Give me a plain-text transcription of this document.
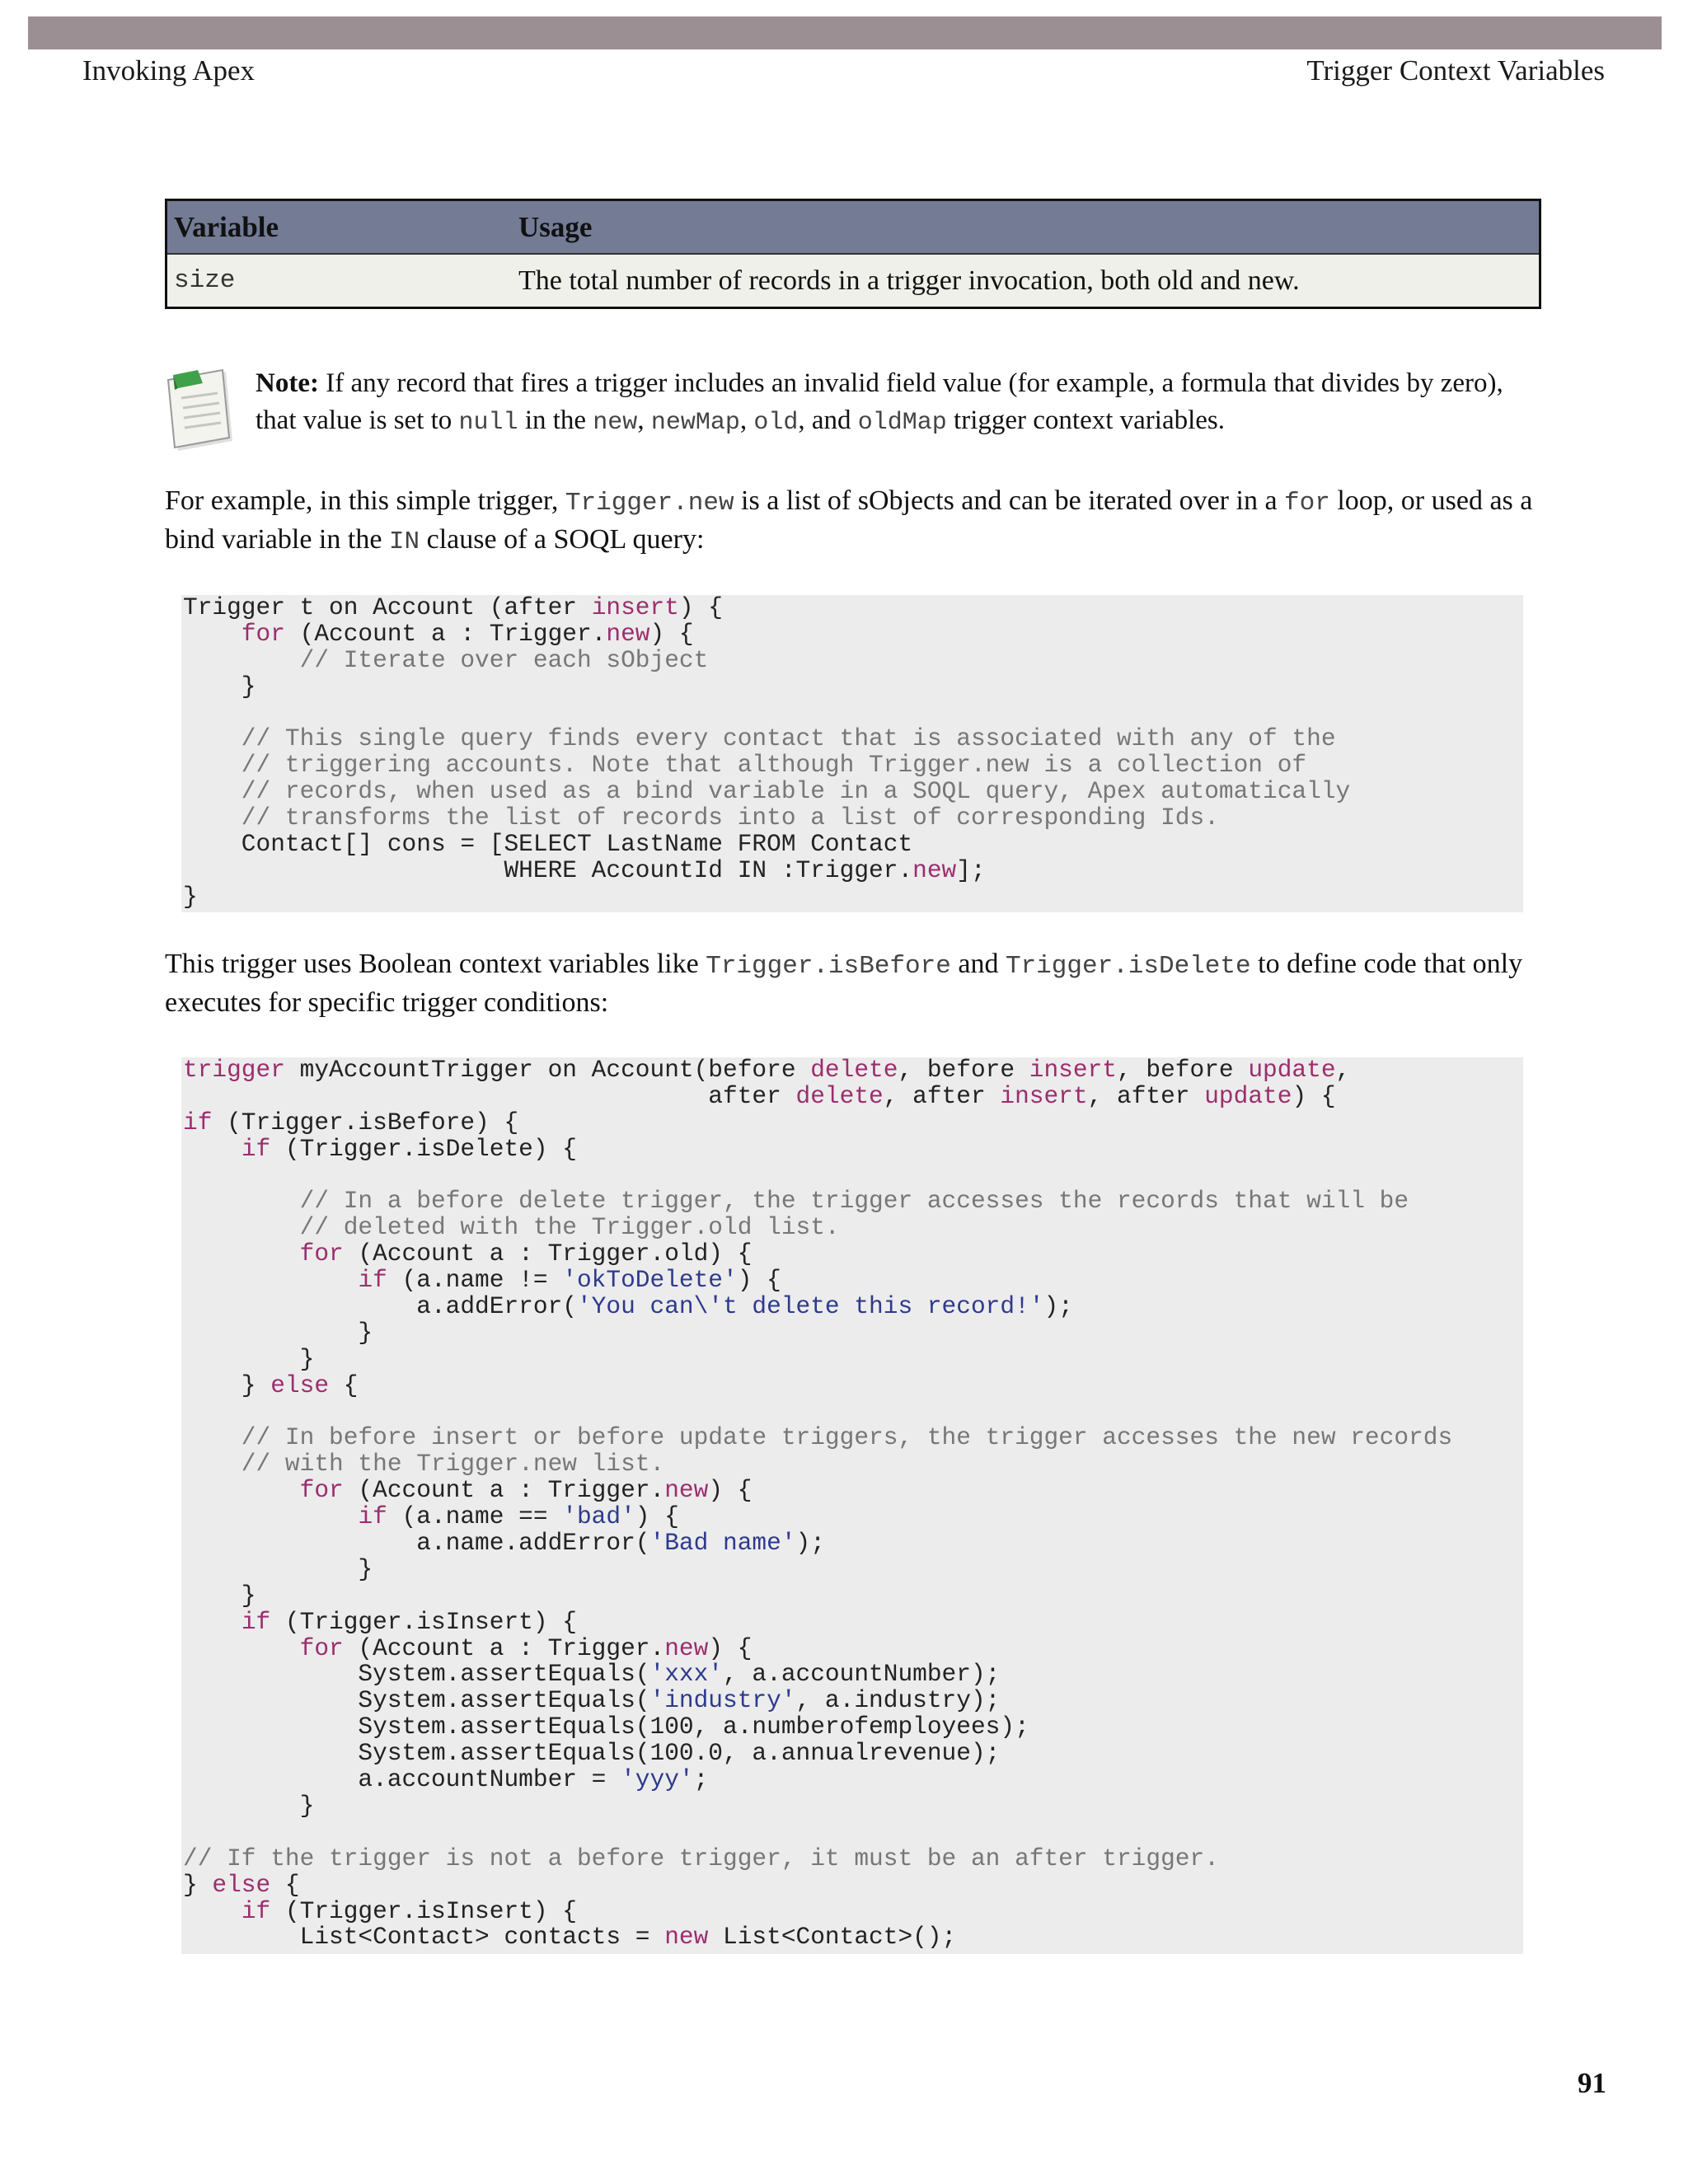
Invoking Apex	Trigger Context Variables
Variable	Usage
size	The total number of records in a trigger invocation, both old and new.
Note: If any record that fires a trigger includes an invalid field value (for example, a formula that divides by zero), that value is set to null in the new, newMap, old, and oldMap trigger context variables.
For example, in this simple trigger, Trigger.new is a list of sObjects and can be iterated over in a for loop, or used as a bind variable in the IN clause of a SOQL query:
Trigger t on Account (after insert) {
for (Account a : Trigger.new) {
// Iterate over each sObject
}
// This single query finds every contact that is associated with any of the
// triggering accounts. Note that although Trigger.new is a collection of
// records, when used as a bind variable in a SOQL query, Apex automatically
// transforms the list of records into a list of corresponding Ids.
Contact[] cons = [SELECT LastName FROM Contact
WHERE AccountId IN :Trigger.new];
}
This trigger uses Boolean context variables like Trigger.isBefore and Trigger.isDelete to define code that only executes for specific trigger conditions:
trigger myAccountTrigger on Account(before delete, before insert, before update,
after delete, after insert, after update) {
if (Trigger.isBefore) {
if (Trigger.isDelete) {
// In a before delete trigger, the trigger accesses the records that will be
// deleted with the Trigger.old list.
for (Account a : Trigger.old) {
if (a.name != 'okToDelete') {
a.addError('You can\'t delete this record!');
}
}
} else {
// In before insert or before update triggers, the trigger accesses the new records
// with the Trigger.new list.
for (Account a : Trigger.new) {
if (a.name == 'bad') {
a.name.addError('Bad name');
}
}
if (Trigger.isInsert) {
for (Account a : Trigger.new) {
System.assertEquals('xxx', a.accountNumber);
System.assertEquals('industry', a.industry);
System.assertEquals(100, a.numberofemployees);
System.assertEquals(100.0, a.annualrevenue);
a.accountNumber = 'yyy';
}
// If the trigger is not a before trigger, it must be an after trigger.
} else {
if (Trigger.isInsert) {
List<Contact> contacts = new List<Contact>();
91
